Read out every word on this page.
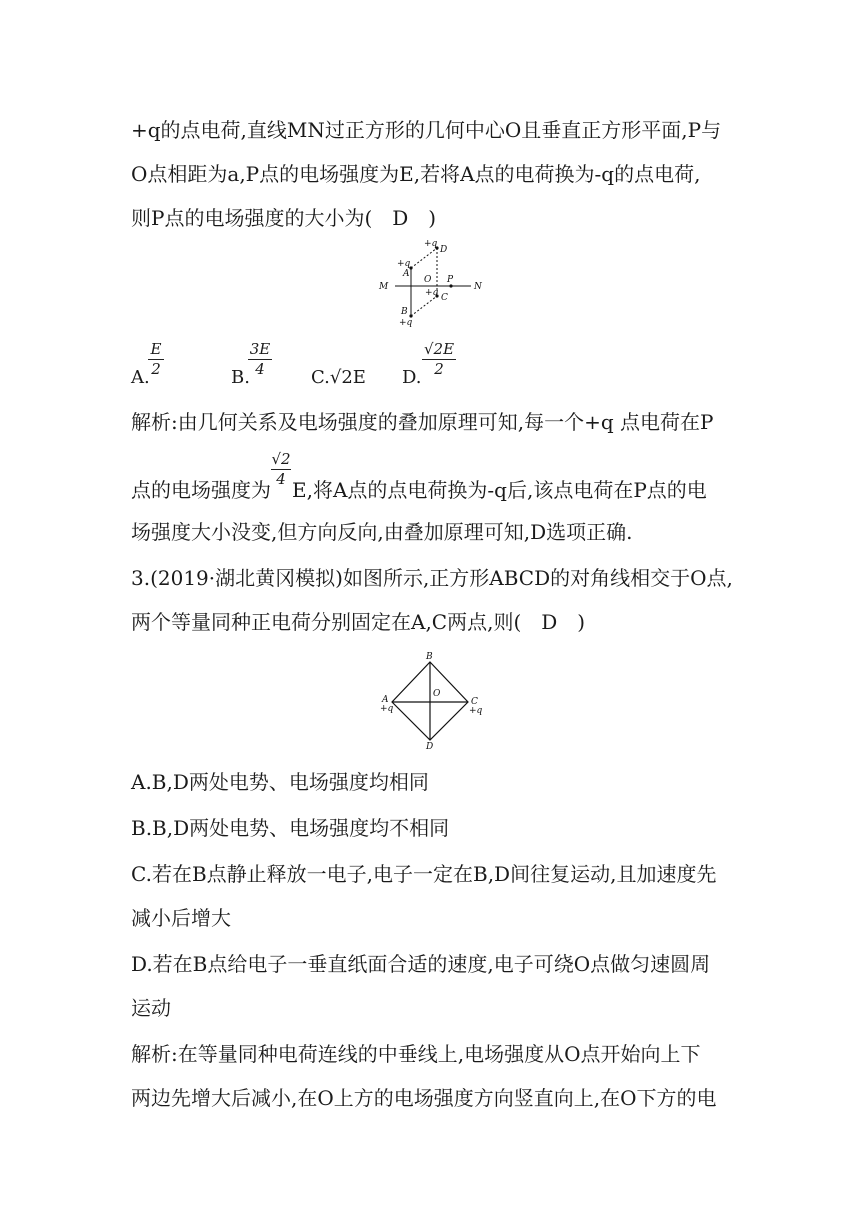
+q的点电荷,直线MN过正方形的几何中心O且垂直正方形平面,P与
O点相距为a,P点的电场强度为E,若将A点的电荷换为-q的点电荷,
则P点的电场强度的大小为(　D　)
+q
D
+q
A
O P
M	N
+q C
B
+q
A.
$\frac{E}{2}$	B.
$\frac{3E}{4} C.√2E$ D. $\frac{√2E}{2}$
解析:由几何关系及电场强度的叠加原理可知,每一个+q 点电荷在P
点的电场强度为
$\frac{√2}{4}$
E,将A点的点电荷换为-q后,该点电荷在P点的电
场强度大小没变,但方向反向,由叠加原理可知,D选项正确.
3.(2019·湖北黄冈模拟)如图所示,正方形ABCD的对角线相交于O点,
两个等量同种正电荷分别固定在A,C两点,则(　D　)
B
O
A
+q
C
+q
D
A.B,D两处电势、电场强度均相同
B.B,D两处电势、电场强度均不相同
C.若在B点静止释放一电子,电子一定在B,D间往复运动,且加速度先
减小后增大
D.若在B点给电子一垂直纸面合适的速度,电子可绕O点做匀速圆周
运动
解析:在等量同种电荷连线的中垂线上,电场强度从O点开始向上下
两边先增大后减小,在O上方的电场强度方向竖直向上,在O下方的电
